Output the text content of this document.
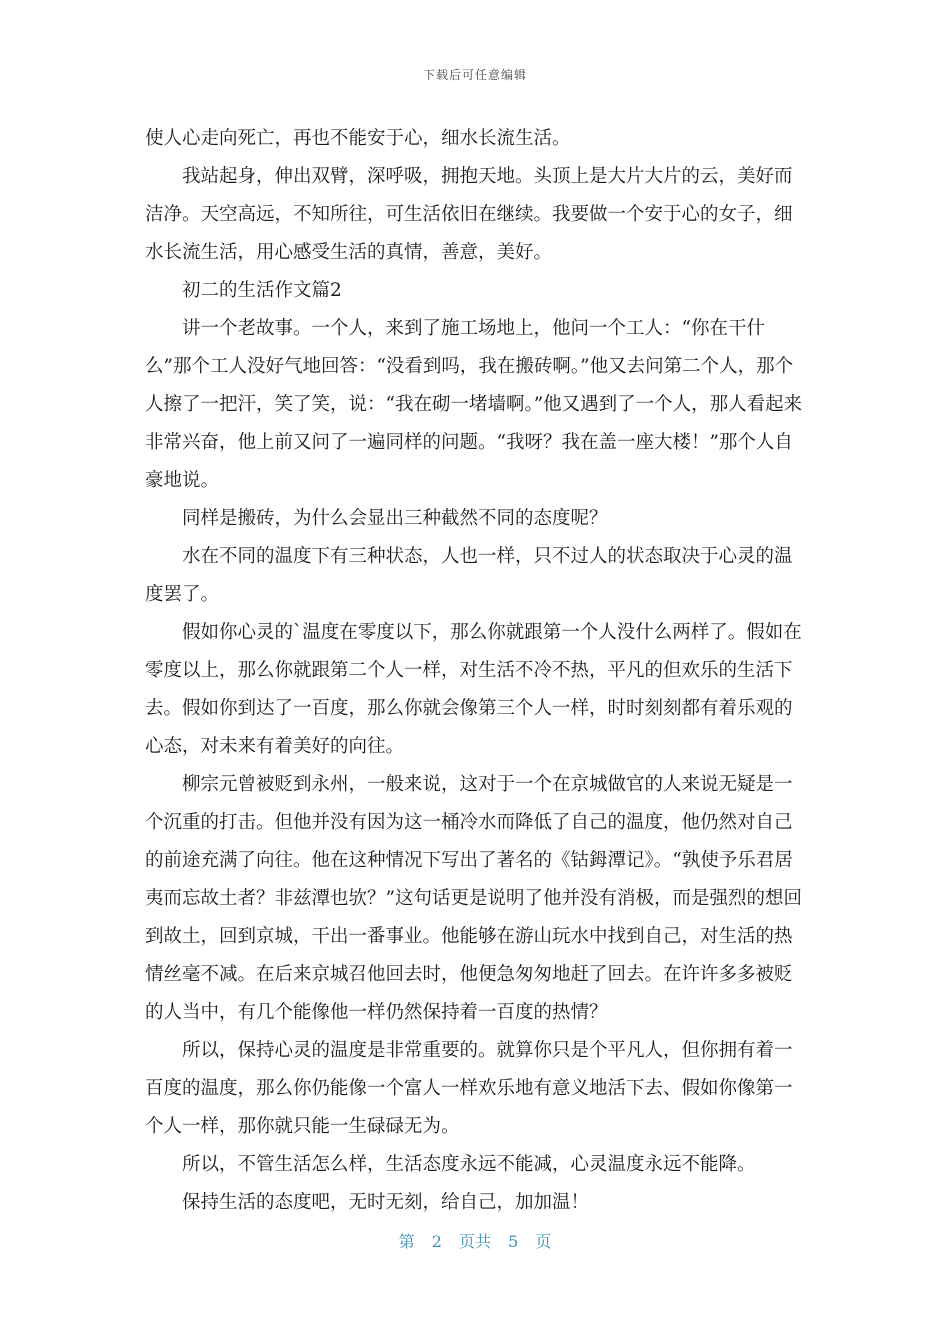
下载后可任意编辑

使人心走向死亡，再也不能安于心，细水长流生活。

我站起身，伸出双臂，深呼吸，拥抱天地。头顶上是大片大片的云，美好而洁净。天空高远，不知所往，可生活依旧在继续。我要做一个安于心的女子，细水长流生活，用心感受生活的真情，善意，美好。

初二的生活作文篇2

讲一个老故事。一个人，来到了施工场地上，他问一个工人：“你在干什么”那个工人没好气地回答：“没看到吗，我在搬砖啊。”他又去问第二个人，那个人擦了一把汗，笑了笑，说：“我在砌一堵墙啊。”他又遇到了一个人，那人看起来非常兴奋，他上前又问了一遍同样的问题。“我呀？我在盖一座大楼！”那个人自豪地说。

同样是搬砖，为什么会显出三种截然不同的态度呢？

水在不同的温度下有三种状态，人也一样，只不过人的状态取决于心灵的温度罢了。

假如你心灵的`温度在零度以下，那么你就跟第一个人没什么两样了。假如在零度以上，那么你就跟第二个人一样，对生活不冷不热，平凡的但欢乐的生活下去。假如你到达了一百度，那么你就会像第三个人一样，时时刻刻都有着乐观的心态，对未来有着美好的向往。

柳宗元曾被贬到永州，一般来说，这对于一个在京城做官的人来说无疑是一个沉重的打击。但他并没有因为这一桶冷水而降低了自己的温度，他仍然对自己的前途充满了向往。他在这种情况下写出了著名的《钴鉧潭记》。“孰使予乐君居夷而忘故土者？非兹潭也欤？”这句话更是说明了他并没有消极，而是强烈的想回到故土，回到京城，干出一番事业。他能够在游山玩水中找到自己，对生活的热情丝毫不减。在后来京城召他回去时，他便急匆匆地赶了回去。在许许多多被贬的人当中，有几个能像他一样仍然保持着一百度的热情？

所以，保持心灵的温度是非常重要的。就算你只是个平凡人，但你拥有着一百度的温度，那么你仍能像一个富人一样欢乐地有意义地活下去、假如你像第一个人一样，那你就只能一生碌碌无为。

所以，不管生活怎么样，生活态度永远不能减，心灵温度永远不能降。

保持生活的态度吧，无时无刻，给自己，加加温！

第 2 页共 5 页
